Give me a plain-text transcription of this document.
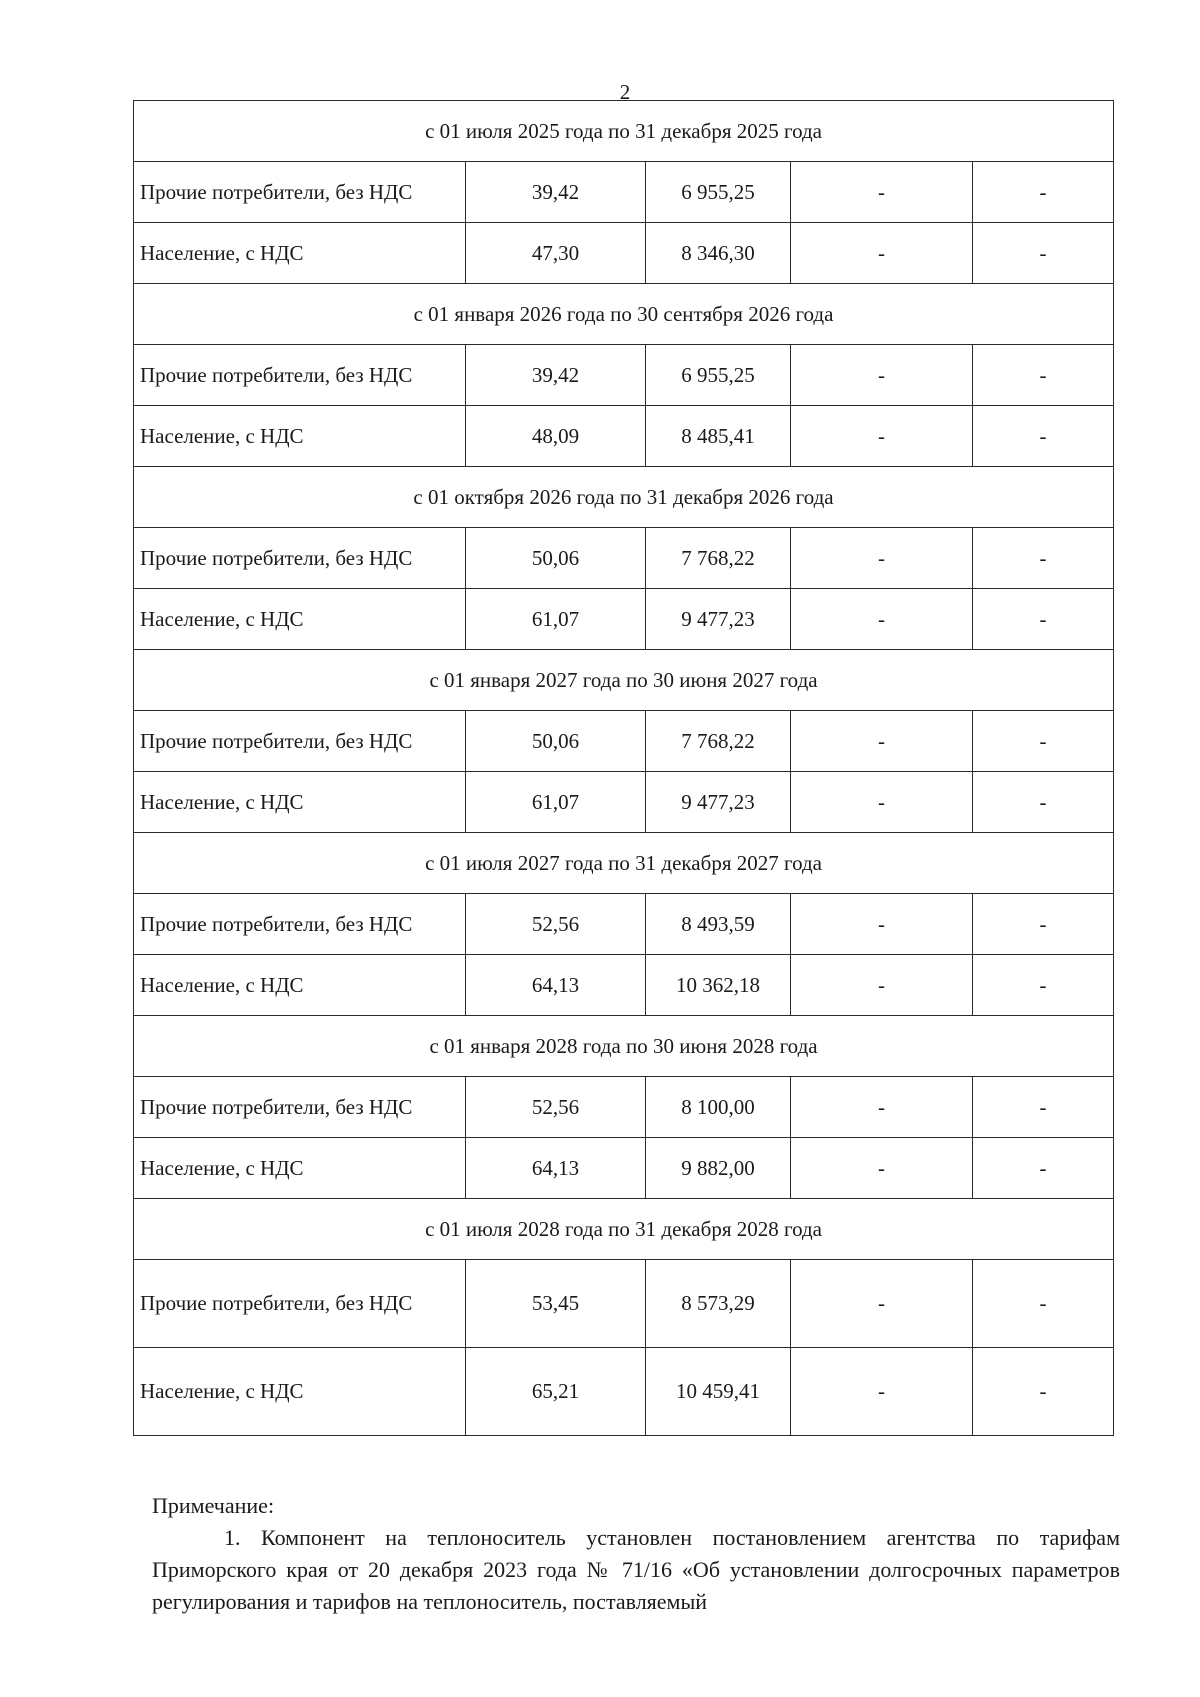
2
с 01 июля 2025 года по 31 декабря 2025 года				
Прочие потребители, без НДС	39,42	6 955,25	-	-
Население, с НДС	47,30	8 346,30	-	-
с 01 января 2026 года по 30 сентября 2026 года				
Прочие потребители, без НДС	39,42	6 955,25	-	-
Население, с НДС	48,09	8 485,41	-	-
с 01 октября 2026 года по 31 декабря 2026 года				
Прочие потребители, без НДС	50,06	7 768,22	-	-
Население, с НДС	61,07	9 477,23	-	-
с 01 января 2027 года по 30 июня 2027 года				
Прочие потребители, без НДС	50,06	7 768,22	-	-
Население, с НДС	61,07	9 477,23	-	-
с 01 июля 2027 года по 31 декабря 2027 года				
Прочие потребители, без НДС	52,56	8 493,59	-	-
Население, с НДС	64,13	10 362,18	-	-
с 01 января 2028 года по 30 июня 2028 года				
Прочие потребители, без НДС	52,56	8 100,00	-	-
Население, с НДС	64,13	9 882,00	-	-
с 01 июля 2028 года по 31 декабря 2028 года				
Прочие потребители, без НДС	53,45	8 573,29	-	-
Население, с НДС	65,21	10 459,41	-	-

Примечание:

1. Компонент на теплоноситель установлен постановлением агентства по тарифам Приморского края от 20 декабря 2023 года № 71/16 «Об установлении долгосрочных параметров регулирования и тарифов на теплоноситель, поставляемый
